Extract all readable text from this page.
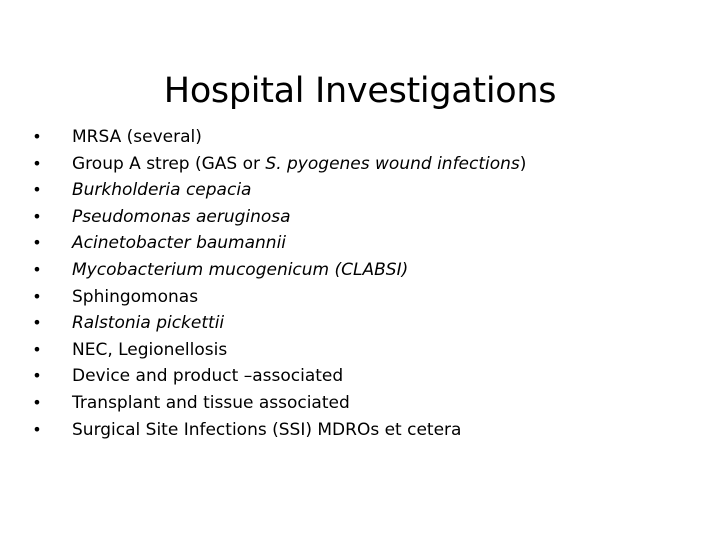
Hospital Investigations
• MRSA (several)
• Group A strep (GAS or S. pyogenes wound infections)
• Burkholderia cepacia
• Pseudomonas aeruginosa
• Acinetobacter baumannii
• Mycobacterium mucogenicum (CLABSI)
• Sphingomonas
• Ralstonia pickettii
• NEC, Legionellosis
• Device and product –associated
• Transplant and tissue associated
• Surgical Site Infections (SSI) MDROs et cetera
